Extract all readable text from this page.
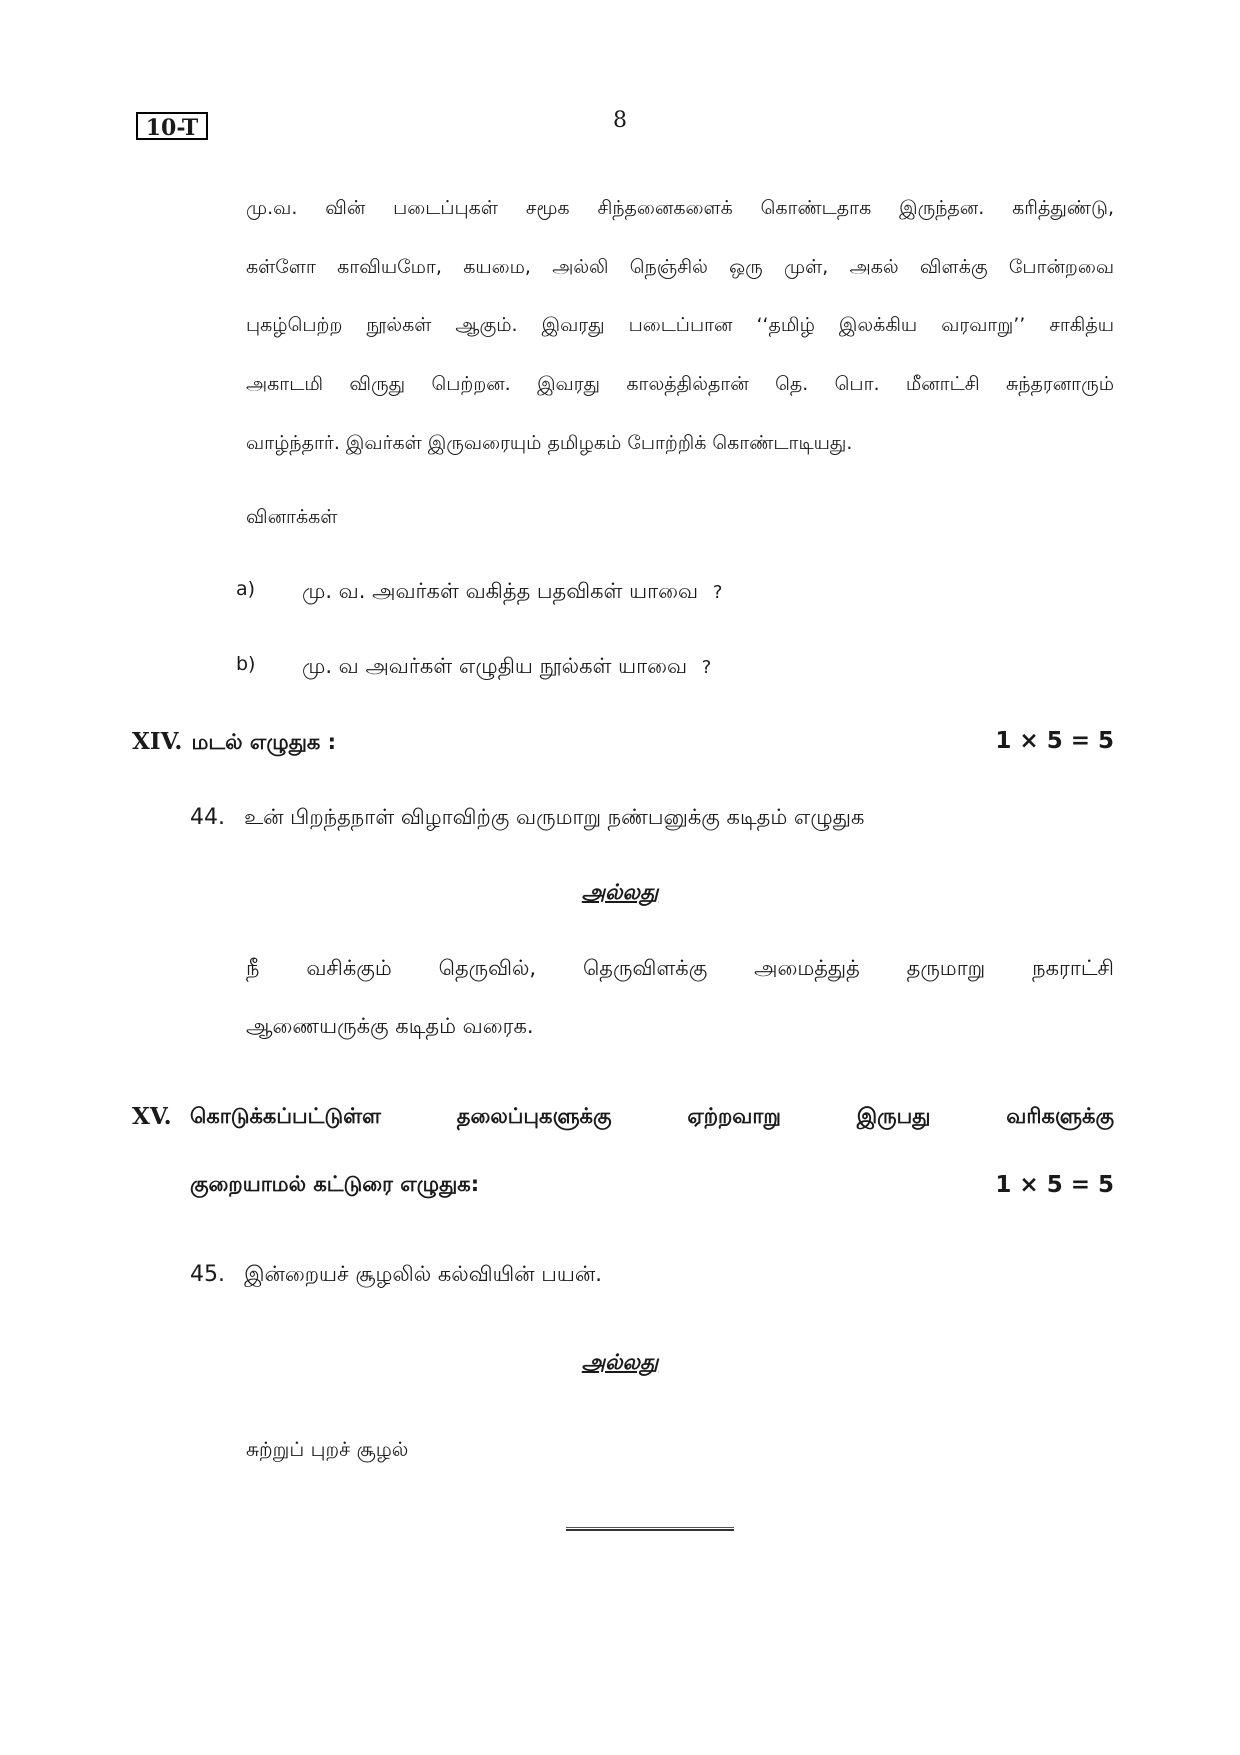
10-T	8
மு.வ. வின் படைப்புகள் சமூக சிந்தனைகளைக் கொண்டதாக இருந்தன. கரித்துண்டு,
கள்ளோ காவியமோ, கயமை, அல்லி நெஞ்சில் ஒரு முள், அகல் விளக்கு போன்றவை
புகழ்பெற்ற நூல்கள் ஆகும். இவரது படைப்பான ‘‘தமிழ் இலக்கிய வரவாறு’’ சாகித்ய
அகாடமி விருது பெற்றன. இவரது காலத்தில்தான் தெ. பொ. மீனாட்சி சுந்தரனாரும்
வாழ்ந்தார். இவர்கள் இருவரையும் தமிழகம் போற்றிக் கொண்டாடியது.
வினாக்கள்
a) மு. வ. அவர்கள் வகித்த பதவிகள் யாவை ?
b) மு. வ அவர்கள் எழுதிய நூல்கள் யாவை ?
XIV. மடல் எழுதுக :	1 × 5 = 5
44. உன் பிறந்தநாள் விழாவிற்கு வருமாறு நண்பனுக்கு கடிதம் எழுதுக
அல்லது
நீ வசிக்கும் தெருவில், தெருவிளக்கு அமைத்துத் தருமாறு நகராட்சி
ஆணையருக்கு கடிதம் வரைக.
XV. கொடுக்கப்பட்டுள்ள தலைப்புகளுக்கு ஏற்றவாறு இருபது வரிகளுக்கு
குறையாமல் கட்டுரை எழுதுக:	1 × 5 = 5
45. இன்றையச் சூழலில் கல்வியின் பயன்.
அல்லது
சுற்றுப் புறச் சூழல்
